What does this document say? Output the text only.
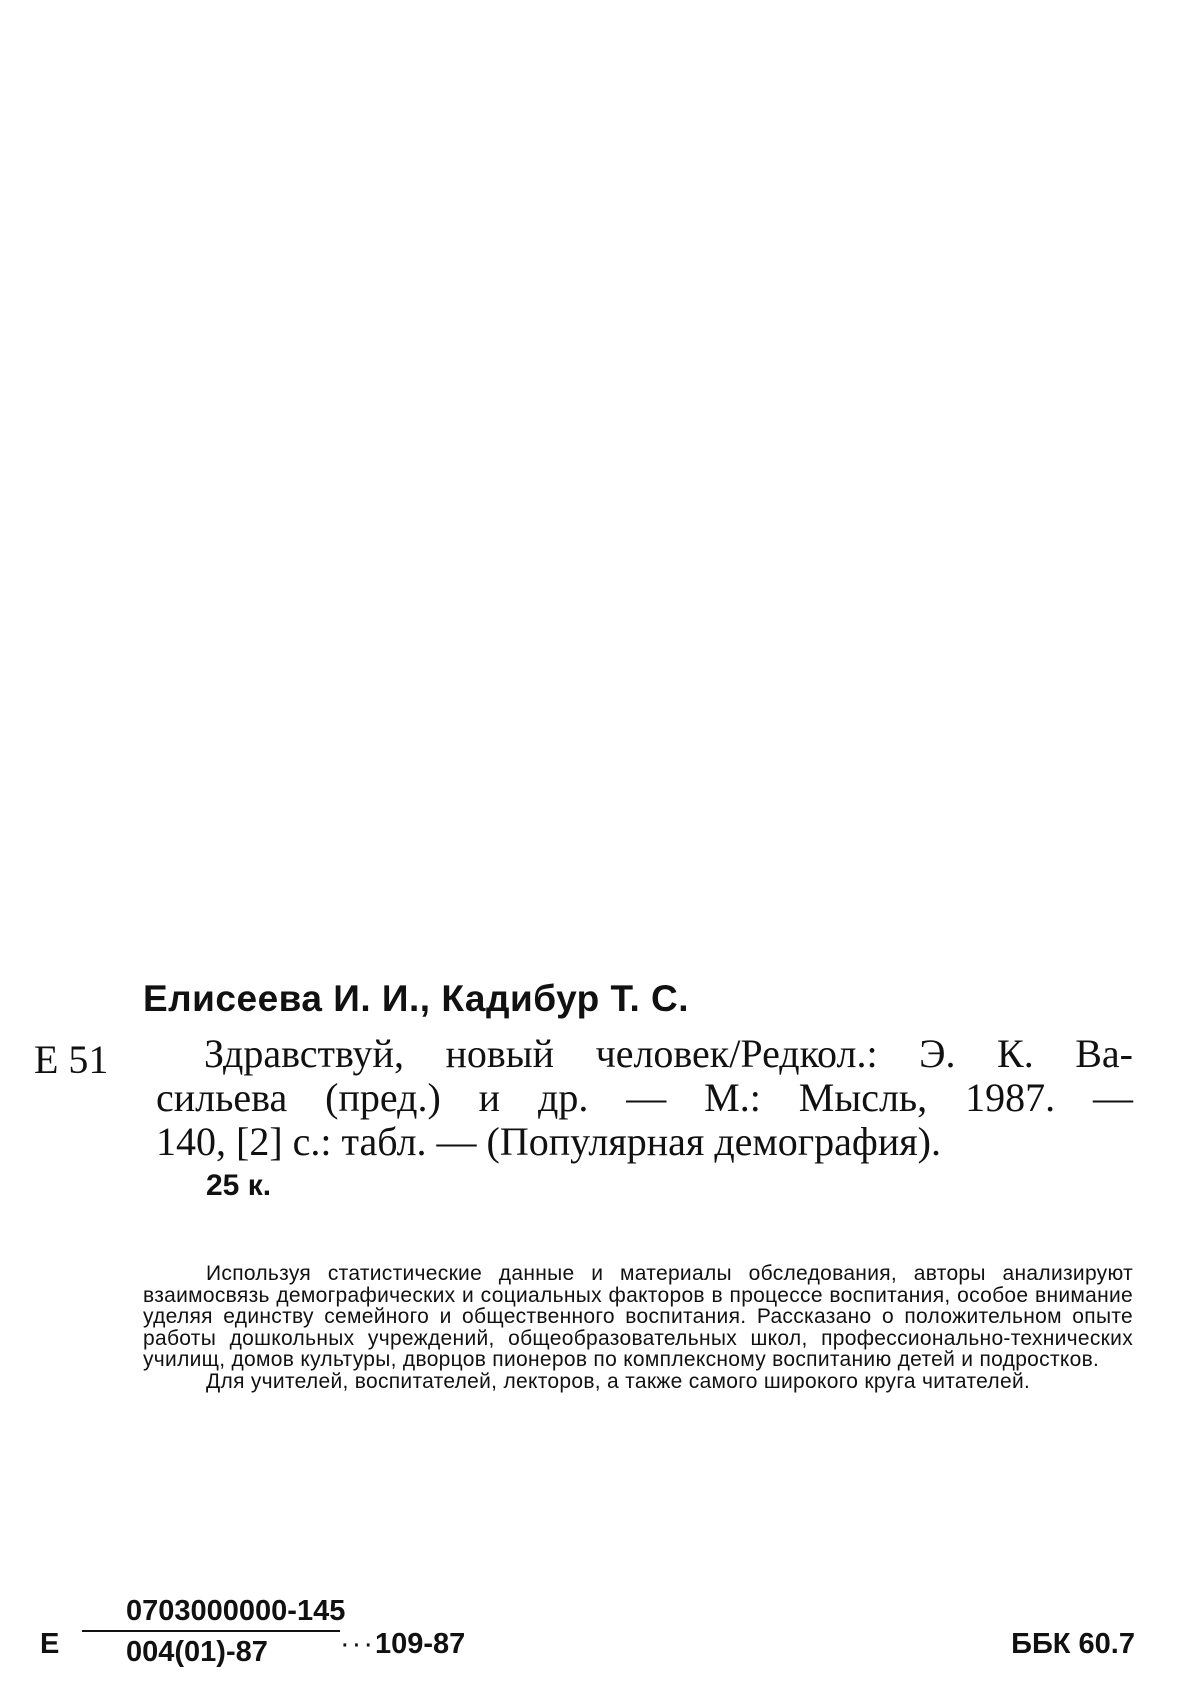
Елисеева И. И., Кадибур Т. С.
Е 51	Здравствуй, новый человек/Редкол.: Э. К. Ва-
сильева (пред.) и др. — М.: Мысль, 1987. —
140, [2] с.: табл. — (Популярная демография).
25 к.

Используя статистические данные и материалы обследования, авторы анализируют взаимосвязь демографических и социальных факторов в процессе воспитания, особое внимание уделяя единству семейного и общественного воспитания. Рассказано о положительном опыте работы дошкольных учреждений, общеобразовательных школ, профессионально-технических училищ, домов культуры, дворцов пионеров по комплексному воспитанию детей и подростков.

Для учителей, воспитателей, лекторов, а также самого широкого круга читателей.

Е
0703000000-145
004(01)-87	···109-87	ББК 60.7
